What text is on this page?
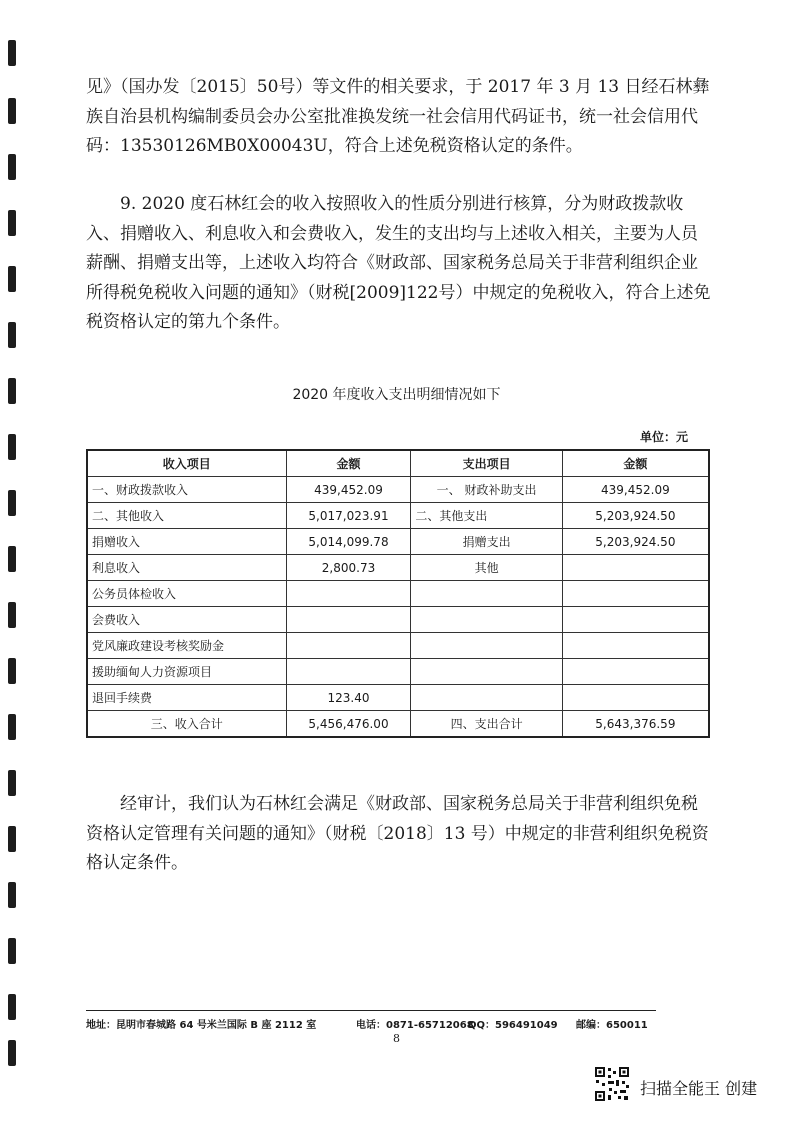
见》（国办发〔2015〕50号）等文件的相关要求，于 2017 年 3 月 13 日经石林彝族自治县机构编制委员会办公室批准换发统一社会信用代码证书，统一社会信用代码：13530126MB0X00043U，符合上述免税资格认定的条件。

9. 2020 度石林红会的收入按照收入的性质分别进行核算，分为财政拨款收入、捐赠收入、利息收入和会费收入，发生的支出均与上述收入相关，主要为人员薪酬、捐赠支出等，上述收入均符合《财政部、国家税务总局关于非营利组织企业所得税免税收入问题的通知》（财税[2009]122号）中规定的免税收入，符合上述免税资格认定的第九个条件。

2020 年度收入支出明细情况如下
单位：元
收入项目	金额	支出项目	金额
一、财政拨款收入	439,452.09	一、 财政补助支出	439,452.09
二、其他收入	5,017,023.91	二、其他支出	5,203,924.50
捐赠收入	5,014,099.78	捐赠支出	5,203,924.50
利息收入	2,800.73	其他	
公务员体检收入			
会费收入			
党风廉政建设考核奖励金			
援助缅甸人力资源项目			
退回手续费	123.40		
三、收入合计	5,456,476.00	四、支出合计	5,643,376.59

经审计，我们认为石林红会满足《财政部、国家税务总局关于非营利组织免税资格认定管理有关问题的通知》（财税〔2018〕13 号）中规定的非营利组织免税资格认定条件。

地址：昆明市春城路 64 号米兰国际 B 座 2112 室	电话：0871-65712068
QQ：596491049 邮编：650011
8
扫描全能王 创建
